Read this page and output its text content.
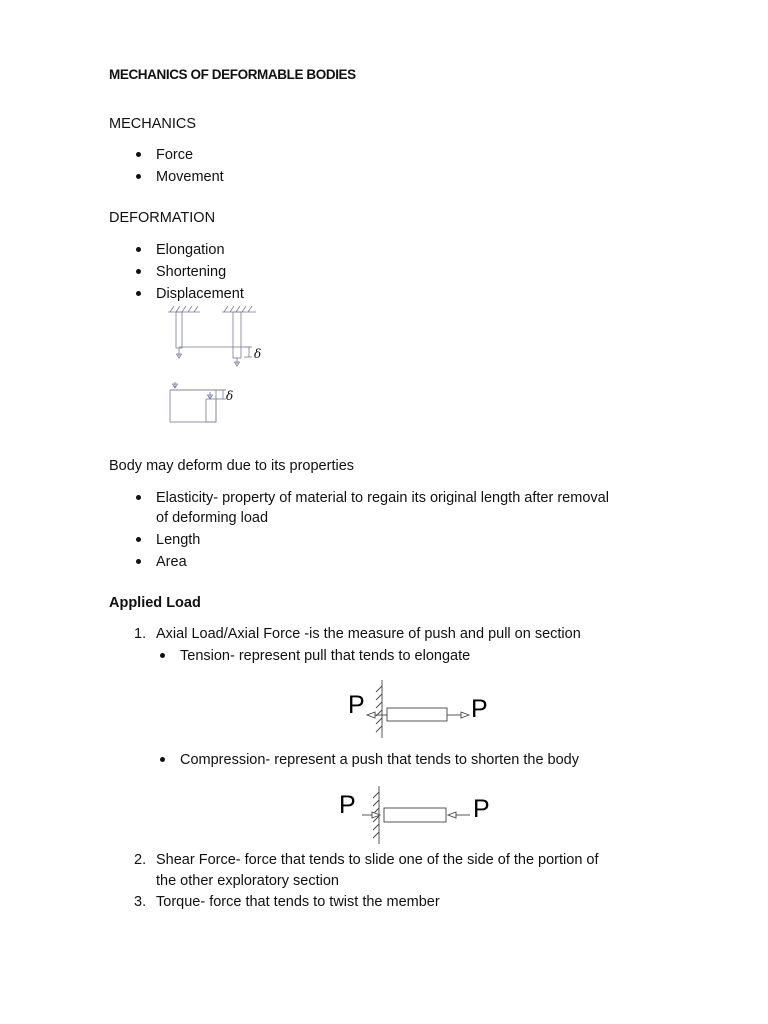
MECHANICS OF DEFORMABLE BODIES
MECHANICS
Force
Movement
DEFORMATION
Elongation
Shortening
Displacement
δ
δ
Body may deform due to its properties
Elasticity- property of material to regain its original length after removal
of deforming load
Length
Area
Applied Load
1. Axial Load/Axial Force -is the measure of push and pull on section
Tension- represent pull that tends to elongate
P	P
Compression- represent a push that tends to shorten the body
P	P
2. Shear Force- force that tends to slide one of the side of the portion of
the other exploratory section
3. Torque- force that tends to twist the member
